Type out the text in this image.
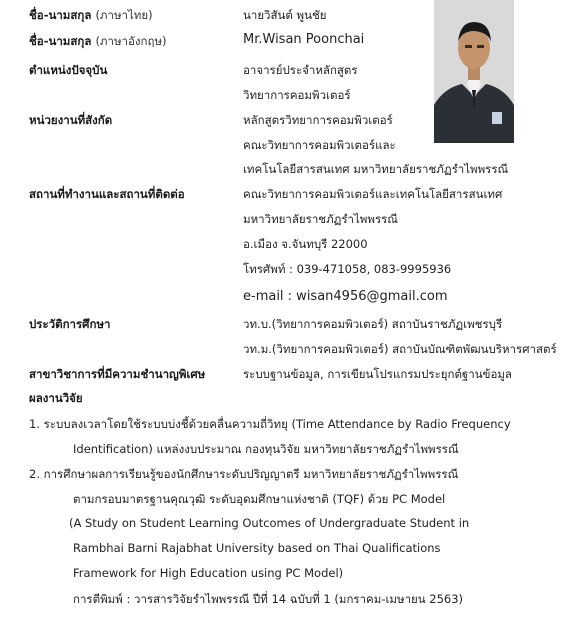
ชื่อ-นามสกุล (ภาษาไทย)	นายวิสันต์ พูนชัย
ชื่อ-นามสกุล (ภาษาอังกฤษ)	Mr.Wisan Poonchai
ตำแหน่งปัจจุบัน	อาจารย์ประจำหลักสูตร
วิทยาการคอมพิวเตอร์
หน่วยงานที่สังกัด	หลักสูตรวิทยาการคอมพิวเตอร์
คณะวิทยาการคอมพิวเตอร์และ
เทคโนโลยีสารสนเทศ มหาวิทยาลัยราชภัฏรำไพพรรณี
สถานที่ทำงานและสถานที่ติดต่อ	คณะวิทยาการคอมพิวเตอร์และเทคโนโลยีสารสนเทศ
มหาวิทยาลัยราชภัฏรำไพพรรณี
อ.เมือง จ.จันทบุรี 22000
โทรศัพท์ : 039-471058, 083-9995936
e-mail : wisan4956@gmail.com
ประวัติการศึกษา	วท.บ.(วิทยาการคอมพิวเตอร์) สถาบันราชภัฏเพชรบุรี
วท.ม.(วิทยาการคอมพิวเตอร์) สถาบันบัณฑิตพัฒนบริหารศาสตร์
สาขาวิชาการที่มีความชำนาญพิเศษ	ระบบฐานข้อมูล, การเขียนโปรแกรมประยุกต์ฐานข้อมูล
ผลงานวิจัย
1. ระบบลงเวลาโดยใช้ระบบบ่งชี้ด้วยคลื่นความถี่วิทยุ (Time Attendance by Radio Frequency
Identification) แหล่งงบประมาณ กองทุนวิจัย มหาวิทยาลัยราชภัฏรำไพพรรณี
2. การศึกษาผลการเรียนรู้ของนักศึกษาระดับปริญญาตรี มหาวิทยาลัยราชภัฏรำไพพรรณี
ตามกรอบมาตรฐานคุณวุฒิ ระดับอุดมศึกษาแห่งชาติ (TQF) ด้วย PC Model
(A Study on Student Learning Outcomes of Undergraduate Student in
Rambhai Barni Rajabhat University based on Thai Qualifications
Framework for High Education using PC Model)
การตีพิมพ์ : วารสารวิจัยรำไพพรรณี ปีที่ 14 ฉบับที่ 1 (มกราคม-เมษายน 2563)
